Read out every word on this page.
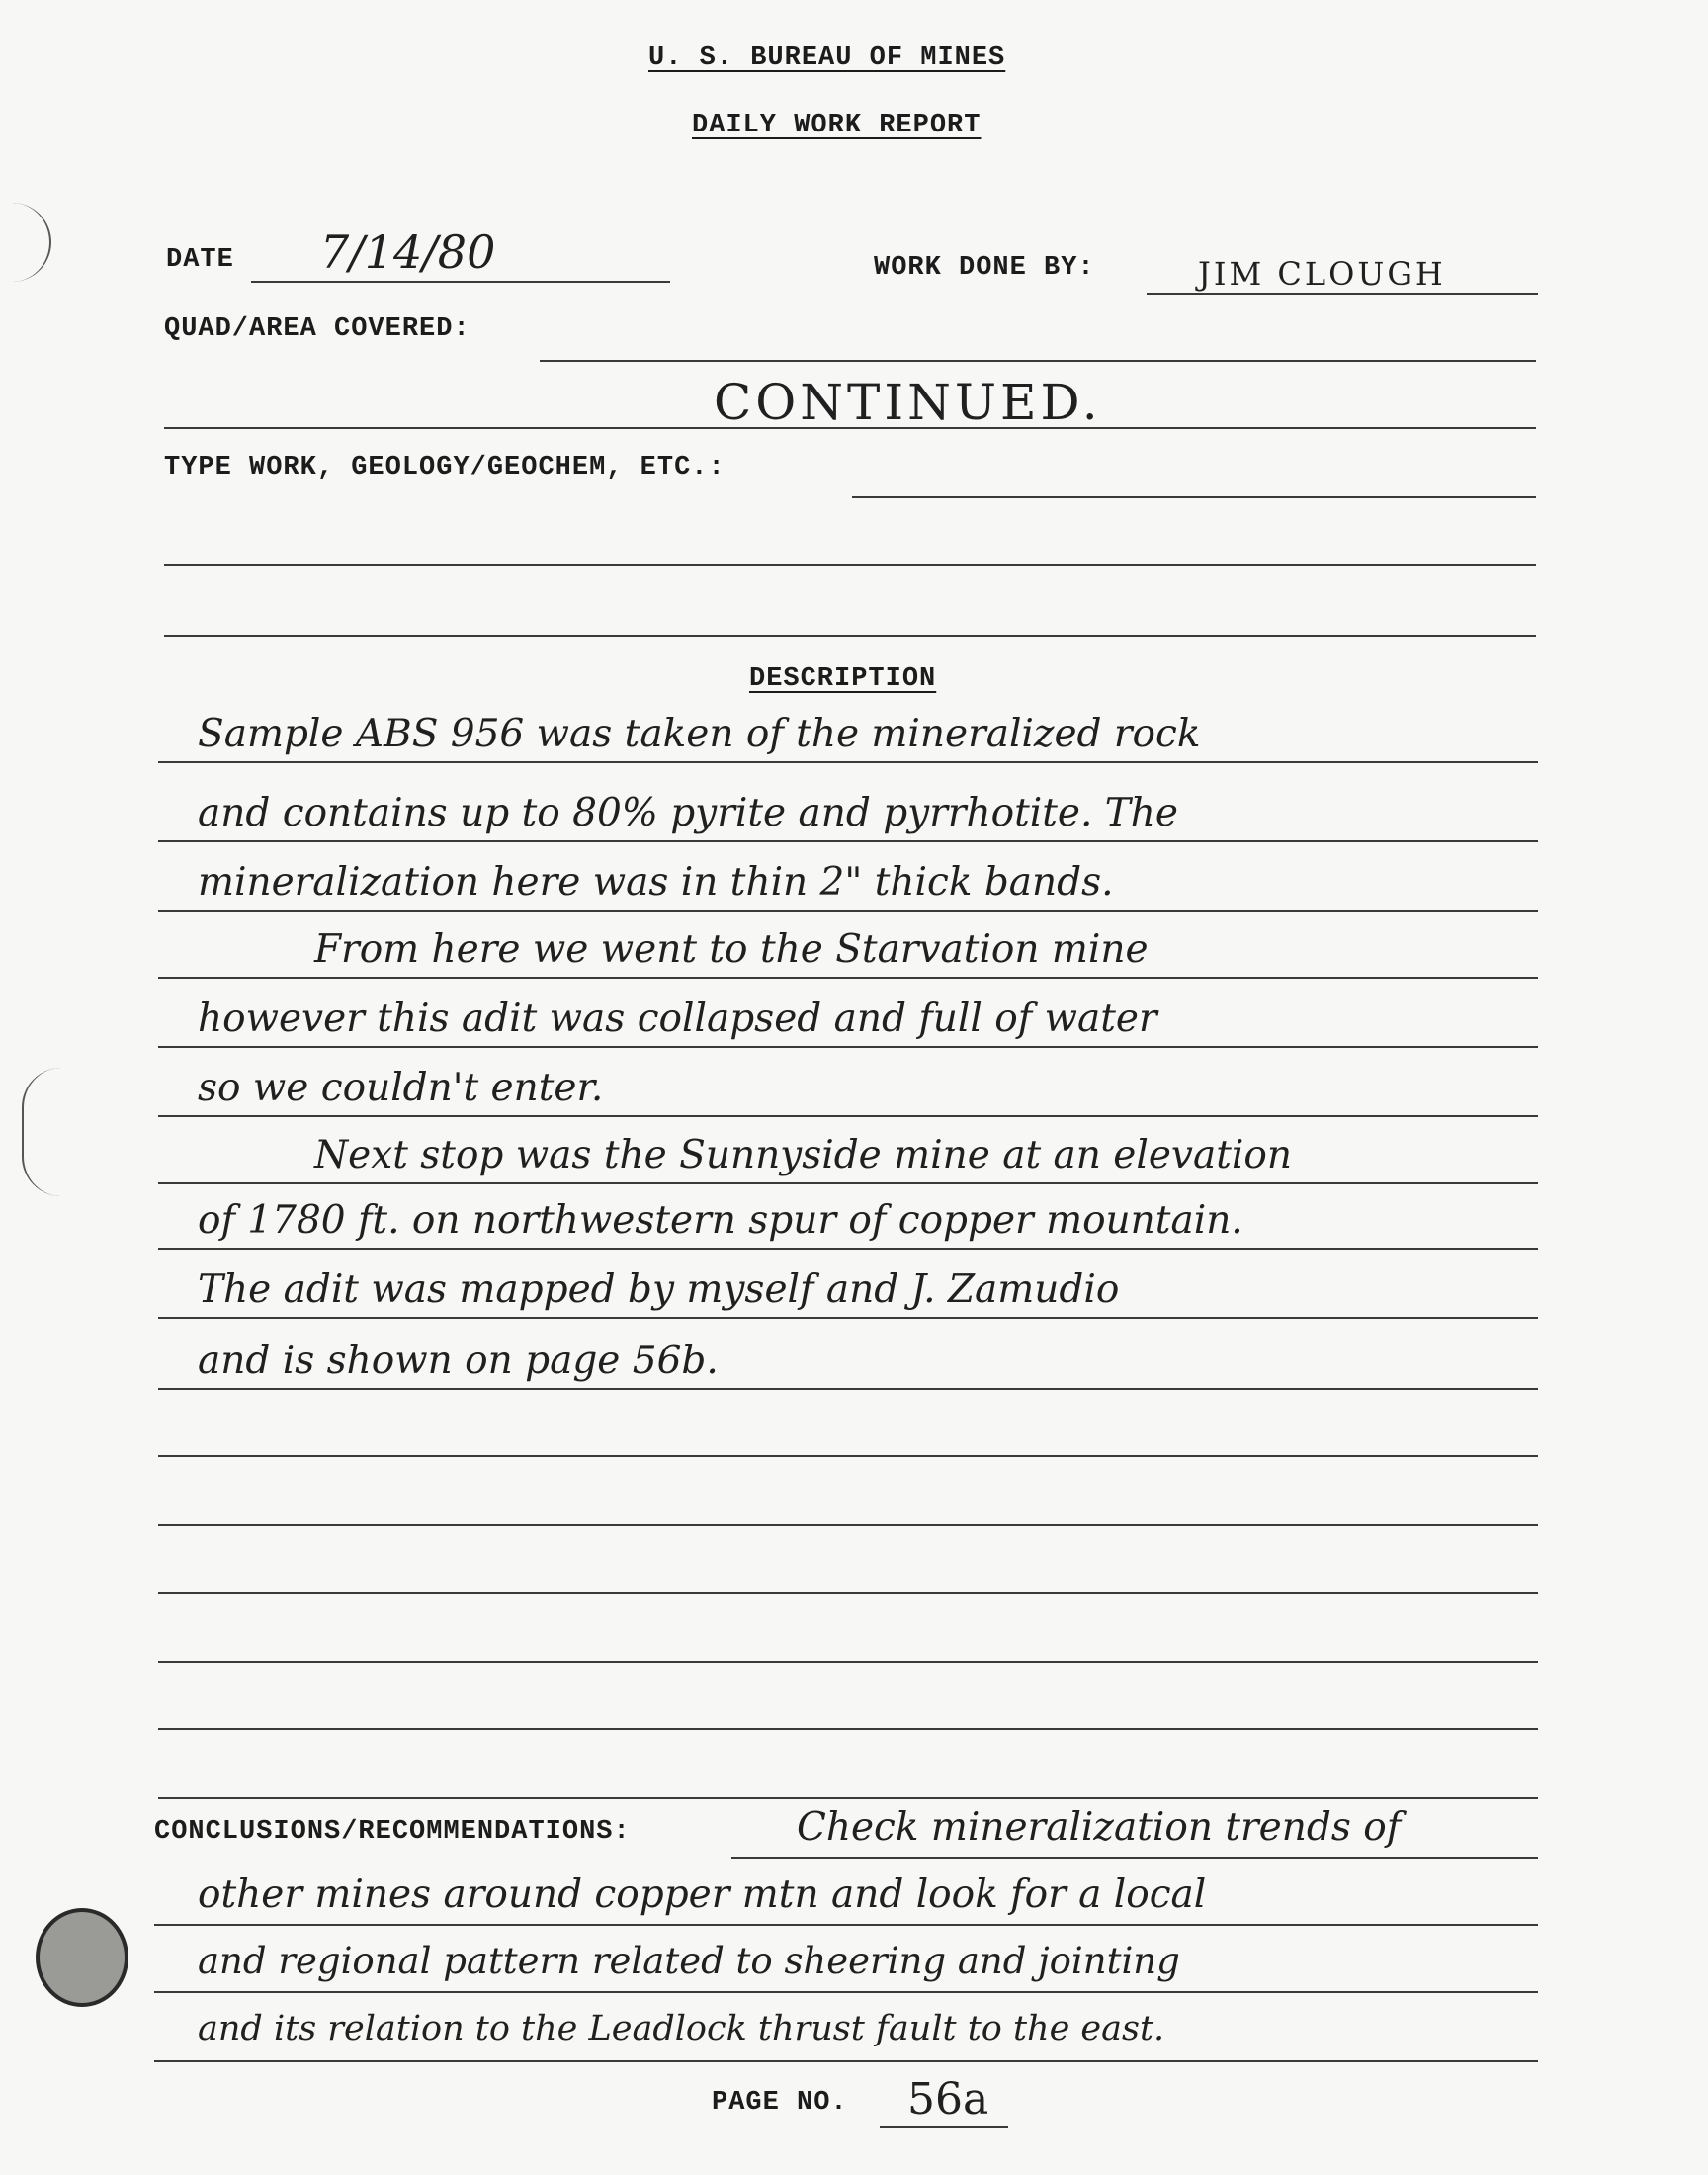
U. S. BUREAU OF MINES
DAILY WORK REPORT
DATE 7/14/80	WORK DONE BY:	JIM CLOUGH
QUAD/AREA COVERED:
CONTINUED.
TYPE WORK, GEOLOGY/GEOCHEM, ETC.:
DESCRIPTION
Sample ABS 956 was taken of the mineralized rock
and contains up to 80% pyrite and pyrrhotite. The
mineralization here was in thin 2" thick bands.
From here we went to the Starvation mine
however this adit was collapsed and full of water
so we couldn't enter.
Next stop was the Sunnyside mine at an elevation
of 1780 ft. on northwestern spur of copper mountain.
The adit was mapped by myself and J. Zamudio
and is shown on page 56b.
CONCLUSIONS/RECOMMENDATIONS:	Check mineralization trends of
other mines around copper mtn and look for a local
and regional pattern related to sheering and jointing
and its relation to the Leadlock thrust fault to the east.
PAGE NO. 56a
